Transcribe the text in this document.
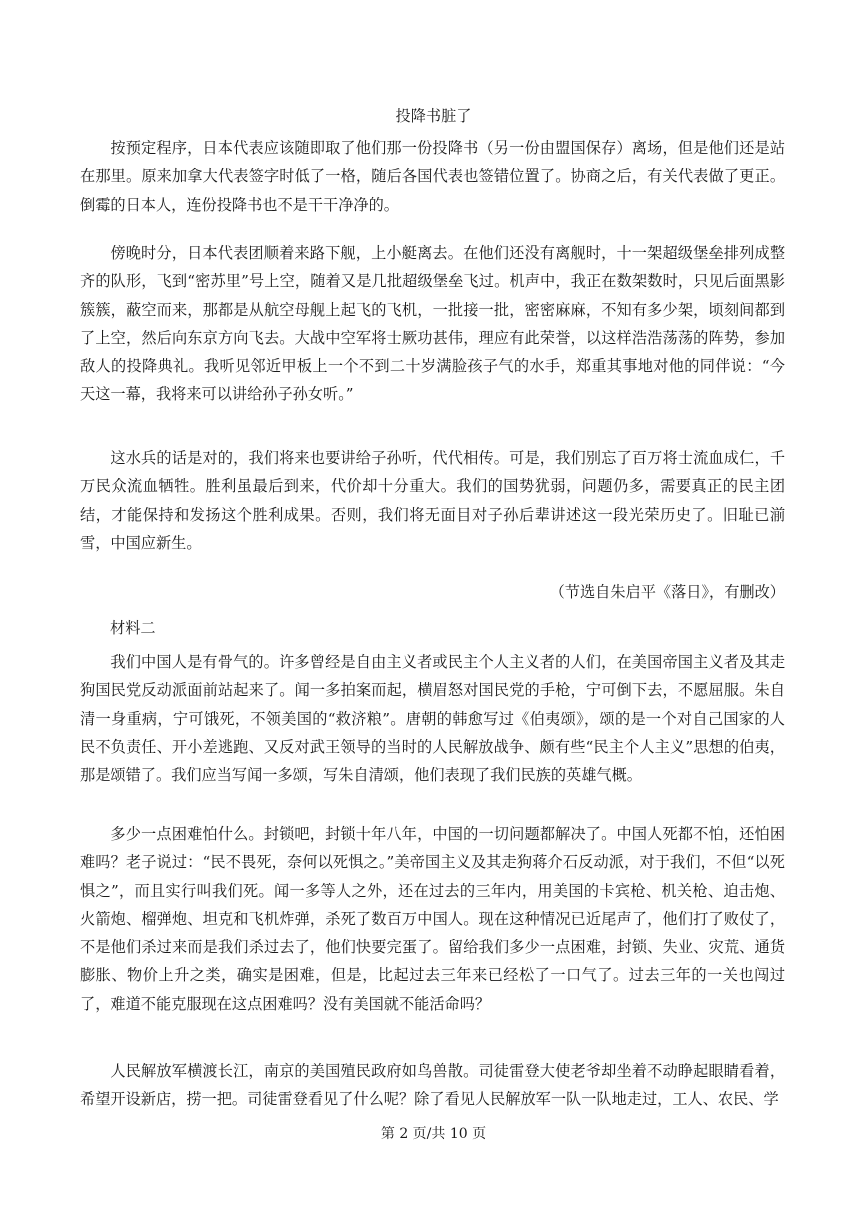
投降书脏了

按预定程序，日本代表应该随即取了他们那一份投降书（另一份由盟国保存）离场，但是他们还是站在那里。原来加拿大代表签字时低了一格，随后各国代表也签错位置了。协商之后，有关代表做了更正。倒霉的日本人，连份投降书也不是干干净净的。

傍晚时分，日本代表团顺着来路下舰，上小艇离去。在他们还没有离舰时，十一架超级堡垒排列成整齐的队形，飞到“密苏里”号上空，随着又是几批超级堡垒飞过。机声中，我正在数架数时，只见后面黑影簇簇，蔽空而来，那都是从航空母舰上起飞的飞机，一批接一批，密密麻麻，不知有多少架，顷刻间都到了上空，然后向东京方向飞去。大战中空军将士厥功甚伟，理应有此荣誉，以这样浩浩荡荡的阵势，参加敌人的投降典礼。我听见邻近甲板上一个不到二十岁满脸孩子气的水手，郑重其事地对他的同伴说：“今天这一幕，我将来可以讲给孙子孙女听。”

这水兵的话是对的，我们将来也要讲给子孙听，代代相传。可是，我们别忘了百万将士流血成仁，千万民众流血牺牲。胜利虽最后到来，代价却十分重大。我们的国势犹弱，问题仍多，需要真正的民主团结，才能保持和发扬这个胜利成果。否则，我们将无面目对子孙后辈讲述这一段光荣历史了。旧耻已湔雪，中国应新生。

（节选自朱启平《落日》，有删改）
材料二

我们中国人是有骨气的。许多曾经是自由主义者或民主个人主义者的人们，在美国帝国主义者及其走狗国民党反动派面前站起来了。闻一多拍案而起，横眉怒对国民党的手枪，宁可倒下去，不愿屈服。朱自清一身重病，宁可饿死，不领美国的“救济粮”。唐朝的韩愈写过《伯夷颂》，颂的是一个对自己国家的人民不负责任、开小差逃跑、又反对武王领导的当时的人民解放战争、颇有些“民主个人主义”思想的伯夷，那是颂错了。我们应当写闻一多颂，写朱自清颂，他们表现了我们民族的英雄气概。

多少一点困难怕什么。封锁吧，封锁十年八年，中国的一切问题都解决了。中国人死都不怕，还怕困难吗？老子说过：“民不畏死，奈何以死惧之。”美帝国主义及其走狗蒋介石反动派，对于我们，不但“以死惧之”，而且实行叫我们死。闻一多等人之外，还在过去的三年内，用美国的卡宾枪、机关枪、迫击炮、火箭炮、榴弹炮、坦克和飞机炸弹，杀死了数百万中国人。现在这种情况已近尾声了，他们打了败仗了，不是他们杀过来而是我们杀过去了，他们快要完蛋了。留给我们多少一点困难，封锁、失业、灾荒、通货膨胀、物价上升之类，确实是困难，但是，比起过去三年来已经松了一口气了。过去三年的一关也闯过了，难道不能克服现在这点困难吗？没有美国就不能活命吗？

人民解放军横渡长江，南京的美国殖民政府如鸟兽散。司徒雷登大使老爷却坐着不动睁起眼睛看着，希望开设新店，捞一把。司徒雷登看见了什么呢？除了看见人民解放军一队一队地走过，工人、农民、学

第 2 页/共 10 页
